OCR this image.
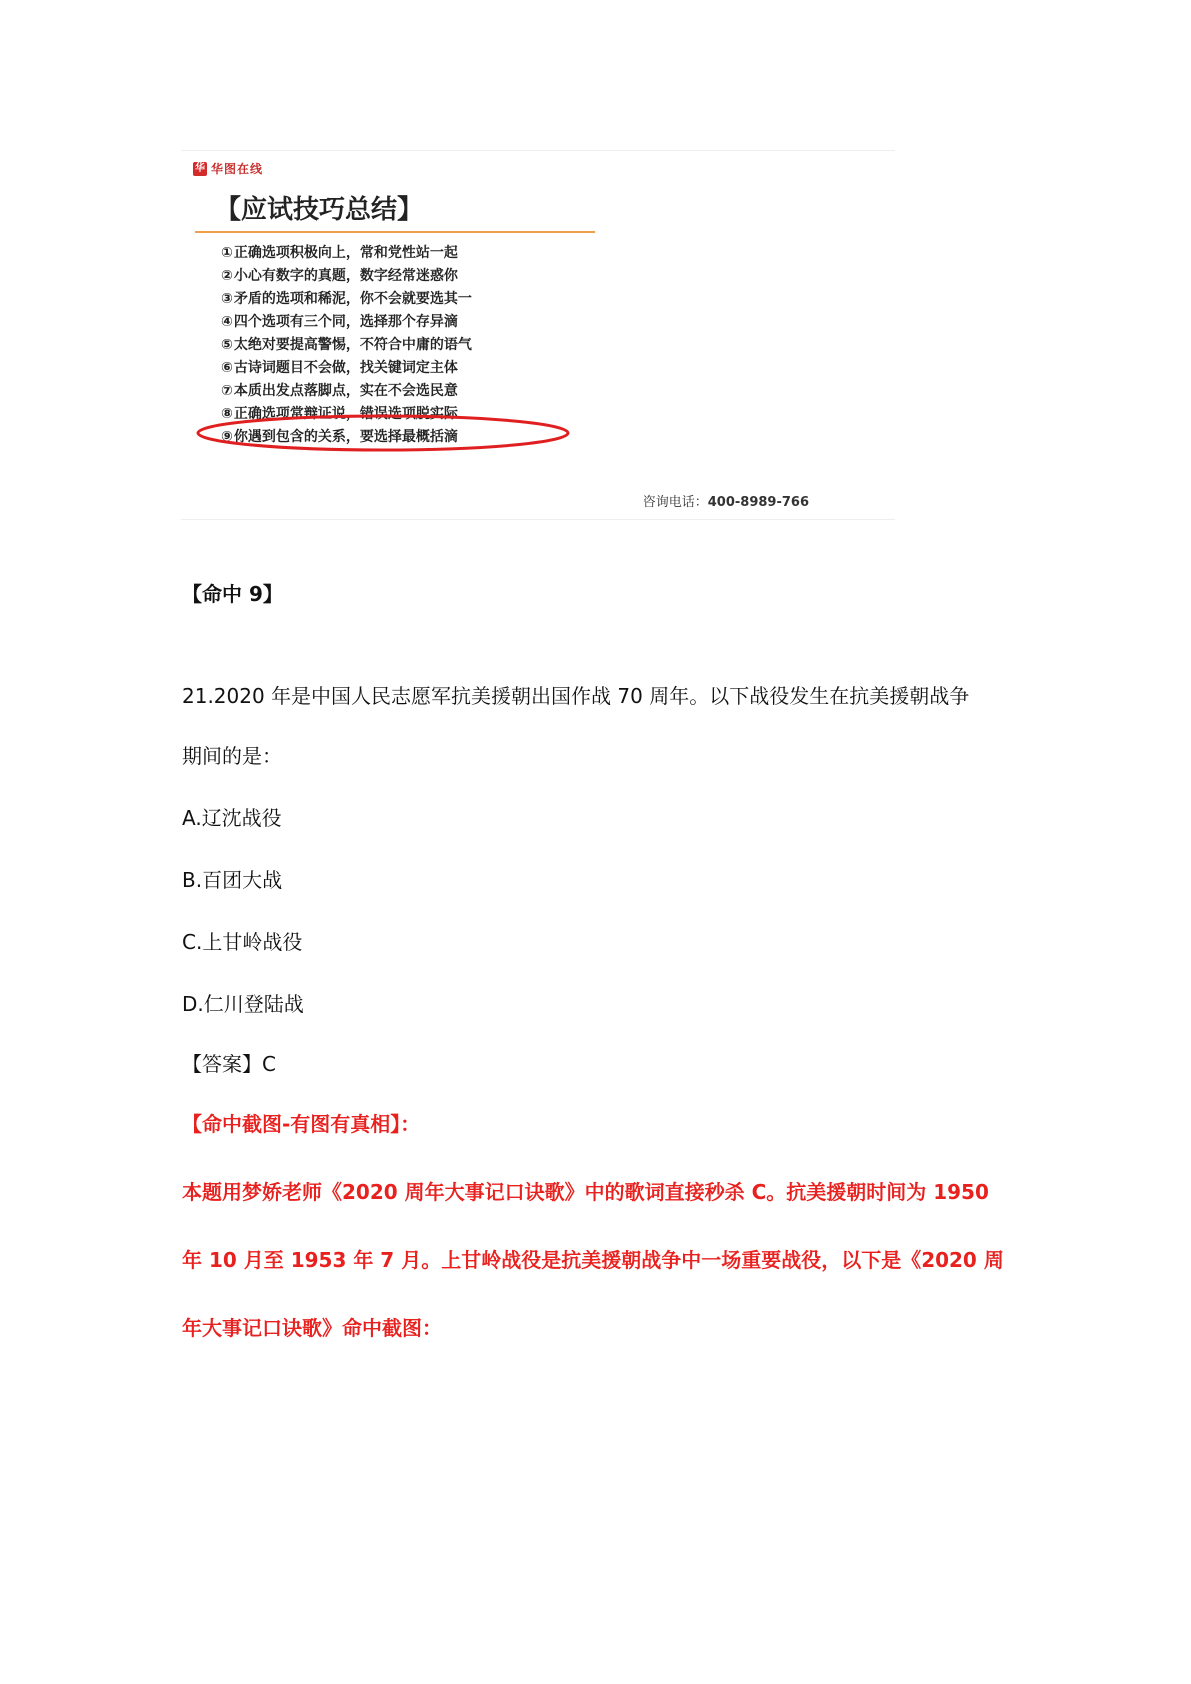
华 华图在线
【应试技巧总结】
①正确选项积极向上，常和党性站一起
②小心有数字的真题，数字经常迷惑你
③矛盾的选项和稀泥，你不会就要选其一
④四个选项有三个同，选择那个存异滴
⑤太绝对要提高警惕，不符合中庸的语气
⑥古诗词题目不会做，找关键词定主体
⑦本质出发点落脚点，实在不会选民意
⑧正确选项常辩证说，错误选项脱实际
⑨你遇到包含的关系，要选择最概括滴
咨询电话：400-8989-766
【命中 9】
21.2020 年是中国人民志愿军抗美援朝出国作战 70 周年。以下战役发生在抗美援朝战争
期间的是：
A.辽沈战役
B.百团大战
C.上甘岭战役
D.仁川登陆战
【答案】C
【命中截图-有图有真相】：
本题用梦娇老师《2020 周年大事记口诀歌》中的歌词直接秒杀 C。抗美援朝时间为 1950
年 10 月至 1953 年 7 月。上甘岭战役是抗美援朝战争中一场重要战役，以下是《2020 周
年大事记口诀歌》命中截图：
